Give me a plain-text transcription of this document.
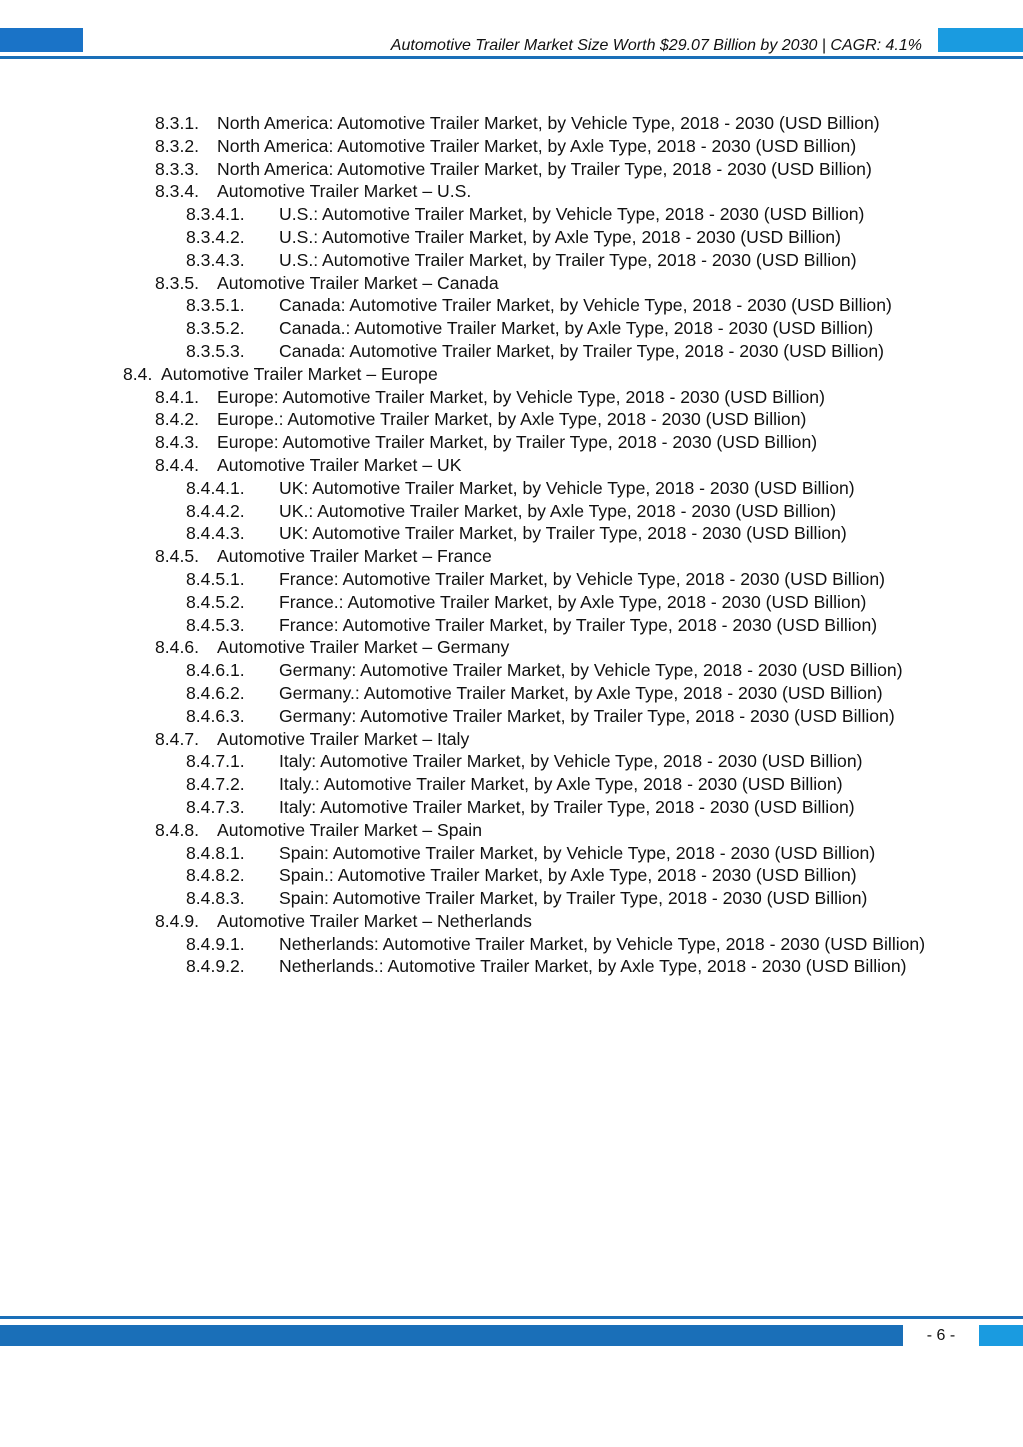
Automotive Trailer Market Size Worth $29.07 Billion by 2030 | CAGR: 4.1%
8.3.1.	North America: Automotive Trailer Market, by Vehicle Type, 2018 - 2030 (USD Billion)
8.3.2.	North America: Automotive Trailer Market, by Axle Type, 2018 - 2030 (USD Billion)
8.3.3.	North America: Automotive Trailer Market, by Trailer Type, 2018 - 2030 (USD Billion)
8.3.4.	Automotive Trailer Market – U.S.
8.3.4.1.	U.S.: Automotive Trailer Market, by Vehicle Type, 2018 - 2030 (USD Billion)
8.3.4.2.	U.S.: Automotive Trailer Market, by Axle Type, 2018 - 2030 (USD Billion)
8.3.4.3.	U.S.: Automotive Trailer Market, by Trailer Type, 2018 - 2030 (USD Billion)
8.3.5.	Automotive Trailer Market – Canada
8.3.5.1.	Canada: Automotive Trailer Market, by Vehicle Type, 2018 - 2030 (USD Billion)
8.3.5.2.	Canada.: Automotive Trailer Market, by Axle Type, 2018 - 2030 (USD Billion)
8.3.5.3.	Canada: Automotive Trailer Market, by Trailer Type, 2018 - 2030 (USD Billion)
8.4. Automotive Trailer Market – Europe
8.4.1.	Europe: Automotive Trailer Market, by Vehicle Type, 2018 - 2030 (USD Billion)
8.4.2.	Europe.: Automotive Trailer Market, by Axle Type, 2018 - 2030 (USD Billion)
8.4.3.	Europe: Automotive Trailer Market, by Trailer Type, 2018 - 2030 (USD Billion)
8.4.4.	Automotive Trailer Market – UK
8.4.4.1.	UK: Automotive Trailer Market, by Vehicle Type, 2018 - 2030 (USD Billion)
8.4.4.2.	UK.: Automotive Trailer Market, by Axle Type, 2018 - 2030 (USD Billion)
8.4.4.3.	UK: Automotive Trailer Market, by Trailer Type, 2018 - 2030 (USD Billion)
8.4.5.	Automotive Trailer Market – France
8.4.5.1.	France: Automotive Trailer Market, by Vehicle Type, 2018 - 2030 (USD Billion)
8.4.5.2.	France.: Automotive Trailer Market, by Axle Type, 2018 - 2030 (USD Billion)
8.4.5.3.	France: Automotive Trailer Market, by Trailer Type, 2018 - 2030 (USD Billion)
8.4.6.	Automotive Trailer Market – Germany
8.4.6.1.	Germany: Automotive Trailer Market, by Vehicle Type, 2018 - 2030 (USD Billion)
8.4.6.2.	Germany.: Automotive Trailer Market, by Axle Type, 2018 - 2030 (USD Billion)
8.4.6.3.	Germany: Automotive Trailer Market, by Trailer Type, 2018 - 2030 (USD Billion)
8.4.7.	Automotive Trailer Market – Italy
8.4.7.1.	Italy: Automotive Trailer Market, by Vehicle Type, 2018 - 2030 (USD Billion)
8.4.7.2.	Italy.: Automotive Trailer Market, by Axle Type, 2018 - 2030 (USD Billion)
8.4.7.3.	Italy: Automotive Trailer Market, by Trailer Type, 2018 - 2030 (USD Billion)
8.4.8.	Automotive Trailer Market – Spain
8.4.8.1.	Spain: Automotive Trailer Market, by Vehicle Type, 2018 - 2030 (USD Billion)
8.4.8.2.	Spain.: Automotive Trailer Market, by Axle Type, 2018 - 2030 (USD Billion)
8.4.8.3.	Spain: Automotive Trailer Market, by Trailer Type, 2018 - 2030 (USD Billion)
8.4.9.	Automotive Trailer Market – Netherlands
8.4.9.1.	Netherlands: Automotive Trailer Market, by Vehicle Type, 2018 - 2030 (USD Billion)
8.4.9.2.	Netherlands.: Automotive Trailer Market, by Axle Type, 2018 - 2030 (USD Billion)
- 6 -
